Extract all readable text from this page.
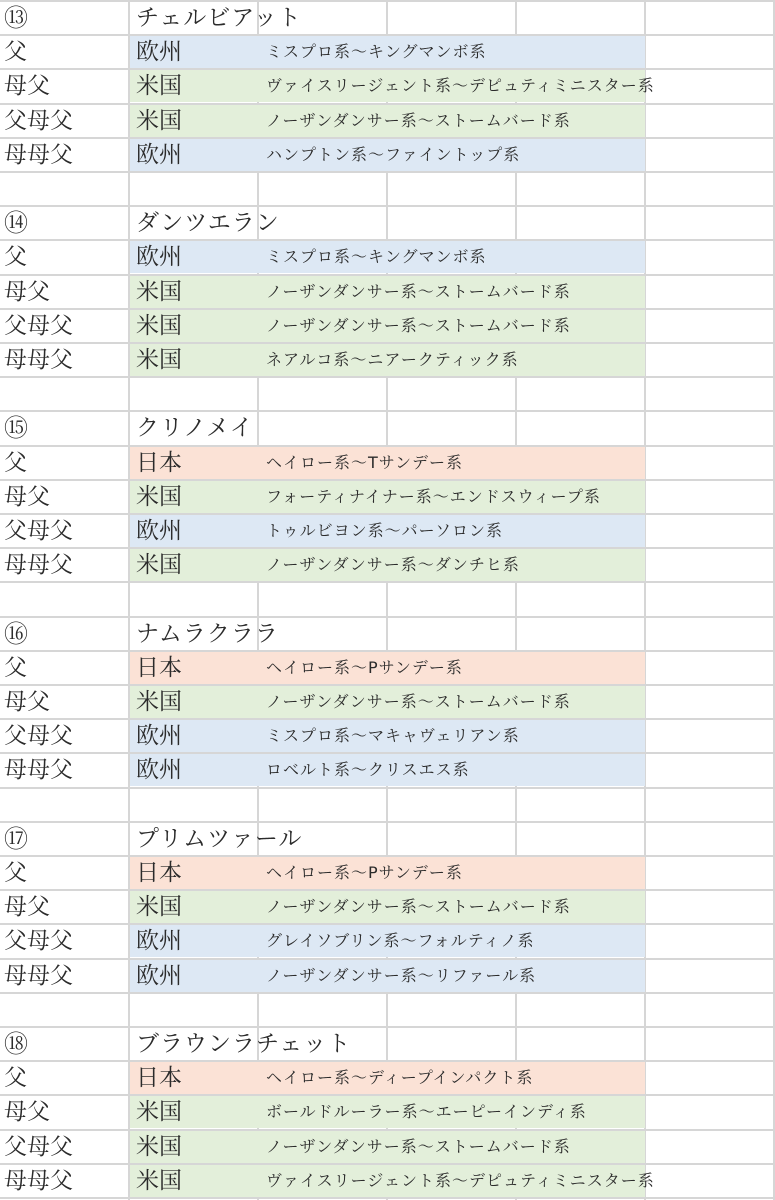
⑬	チェルビアット
父	欧州	ミスプロ系〜キングマンボ系
母父	米国	ヴァイスリージェント系〜デピュティミニスター系
父母父	米国	ノーザンダンサー系〜ストームバード系
母母父	欧州	ハンプトン系〜ファイントップ系
⑭	ダンツエラン
父	欧州	ミスプロ系〜キングマンボ系
母父	米国	ノーザンダンサー系〜ストームバード系
父母父	米国	ノーザンダンサー系〜ストームバード系
母母父	米国	ネアルコ系〜ニアークティック系
⑮	クリノメイ
父	日本	ヘイロー系〜Tサンデー系
母父	米国	フォーティナイナー系〜エンドスウィープ系
父母父	欧州	トゥルビヨン系〜パーソロン系
母母父	米国	ノーザンダンサー系〜ダンチヒ系
⑯	ナムラクララ
父	日本	ヘイロー系〜Pサンデー系
母父	米国	ノーザンダンサー系〜ストームバード系
父母父	欧州	ミスプロ系〜マキャヴェリアン系
母母父	欧州	ロベルト系〜クリスエス系
⑰	プリムツァール
父	日本	ヘイロー系〜Pサンデー系
母父	米国	ノーザンダンサー系〜ストームバード系
父母父	欧州	グレイソブリン系〜フォルティノ系
母母父	欧州	ノーザンダンサー系〜リファール系
⑱	ブラウンラチェット
父	日本	ヘイロー系〜ディープインパクト系
母父	米国	ボールドルーラー系〜エーピーインディ系
父母父	米国	ノーザンダンサー系〜ストームバード系
母母父	米国	ヴァイスリージェント系〜デピュティミニスター系
